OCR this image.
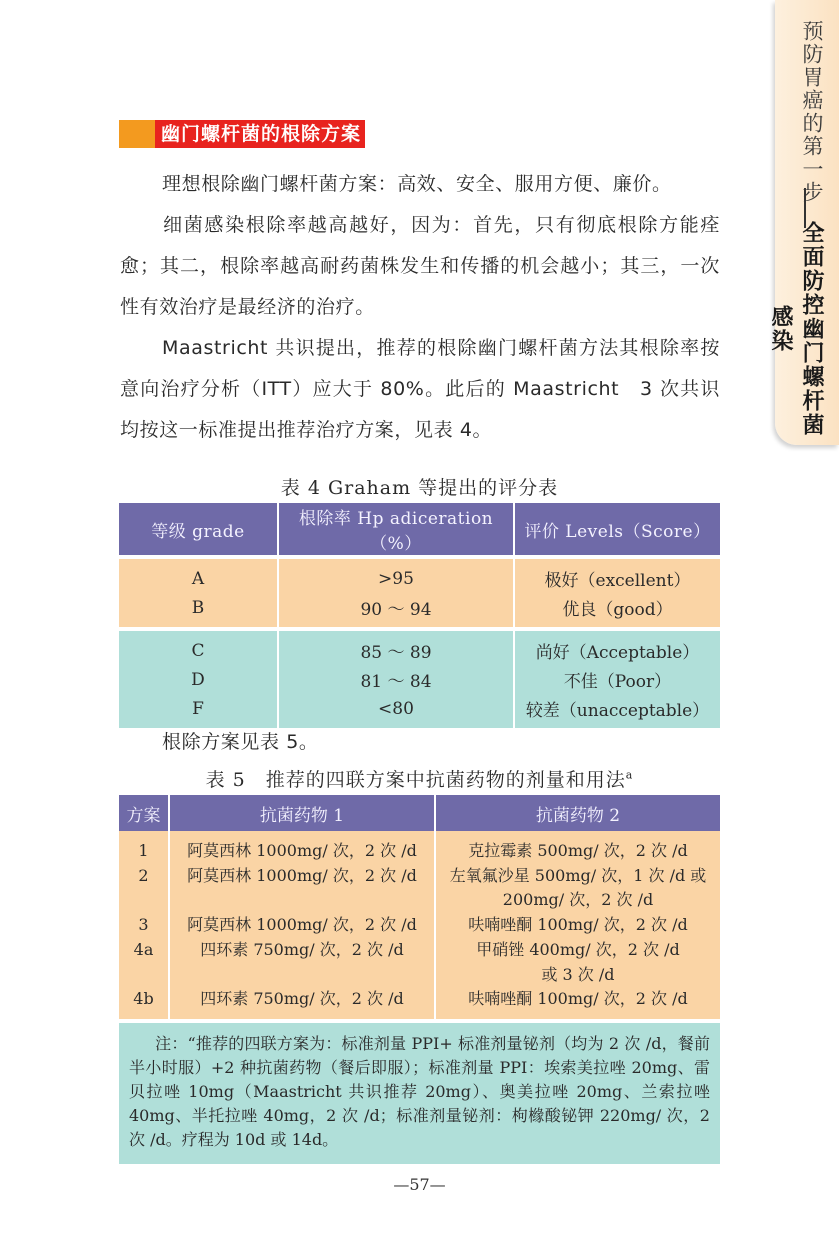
预防胃癌的第一步
全面防控幽门螺杆菌感染
幽门螺杆菌的根除方案
理想根除幽门螺杆菌方案：高效、安全、服用方便、廉价。
细菌感染根除率越高越好，因为：首先，只有彻底根除方能痊愈；其二，根除率越高耐药菌株发生和传播的机会越小；其三，一次性有效治疗是最经济的治疗。
Maastricht 共识提出，推荐的根除幽门螺杆菌方法其根除率按意向治疗分析（ITT）应大于 80%。此后的 Maastricht　3 次共识均按这一标准提出推荐治疗方案，见表 4。
表 4 Graham 等提出的评分表
等级 grade	根除率 Hp adiceration（%）	评价 Levels（Score）

A	>95	极好（excellent）
B	90 ～ 94	优良（good）

C	85 ～ 89	尚好（Acceptable）
D	81 ～ 84	不佳（Poor）
F	<80	较差（unacceptable）
根除方案见表 5。
表 5　推荐的四联方案中抗菌药物的剂量和用法$^a$
方案	抗菌药物 1	抗菌药物 2
1	阿莫西林 1000mg/ 次，2 次 /d	克拉霉素 500mg/ 次，2 次 /d
2	阿莫西林 1000mg/ 次，2 次 /d	左氧氟沙星 500mg/ 次，1 次 /d 或 200mg/ 次，2 次 /d
3	阿莫西林 1000mg/ 次，2 次 /d	呋喃唑酮 100mg/ 次，2 次 /d
4a	四环素 750mg/ 次，2 次 /d	甲硝锉 400mg/ 次，2 次 /d 或 3 次 /d
4b	四环素 750mg/ 次，2 次 /d	呋喃唑酮 100mg/ 次，2 次 /d
注：“推荐的四联方案为：标准剂量 PPI+ 标准剂量铋剂（均为 2 次 /d，餐前半小时服）+2 种抗菌药物（餐后即服）；标准剂量 PPI：埃索美拉唑 20mg、雷贝拉唑 10mg（Maastricht 共识推荐 20mg）、奥美拉唑 20mg、兰索拉唑 40mg、半托拉唑 40mg，2 次 /d；标准剂量铋剂：枸橼酸铋钾 220mg/ 次，2 次 /d。疗程为 10d 或 14d。		
—57—
